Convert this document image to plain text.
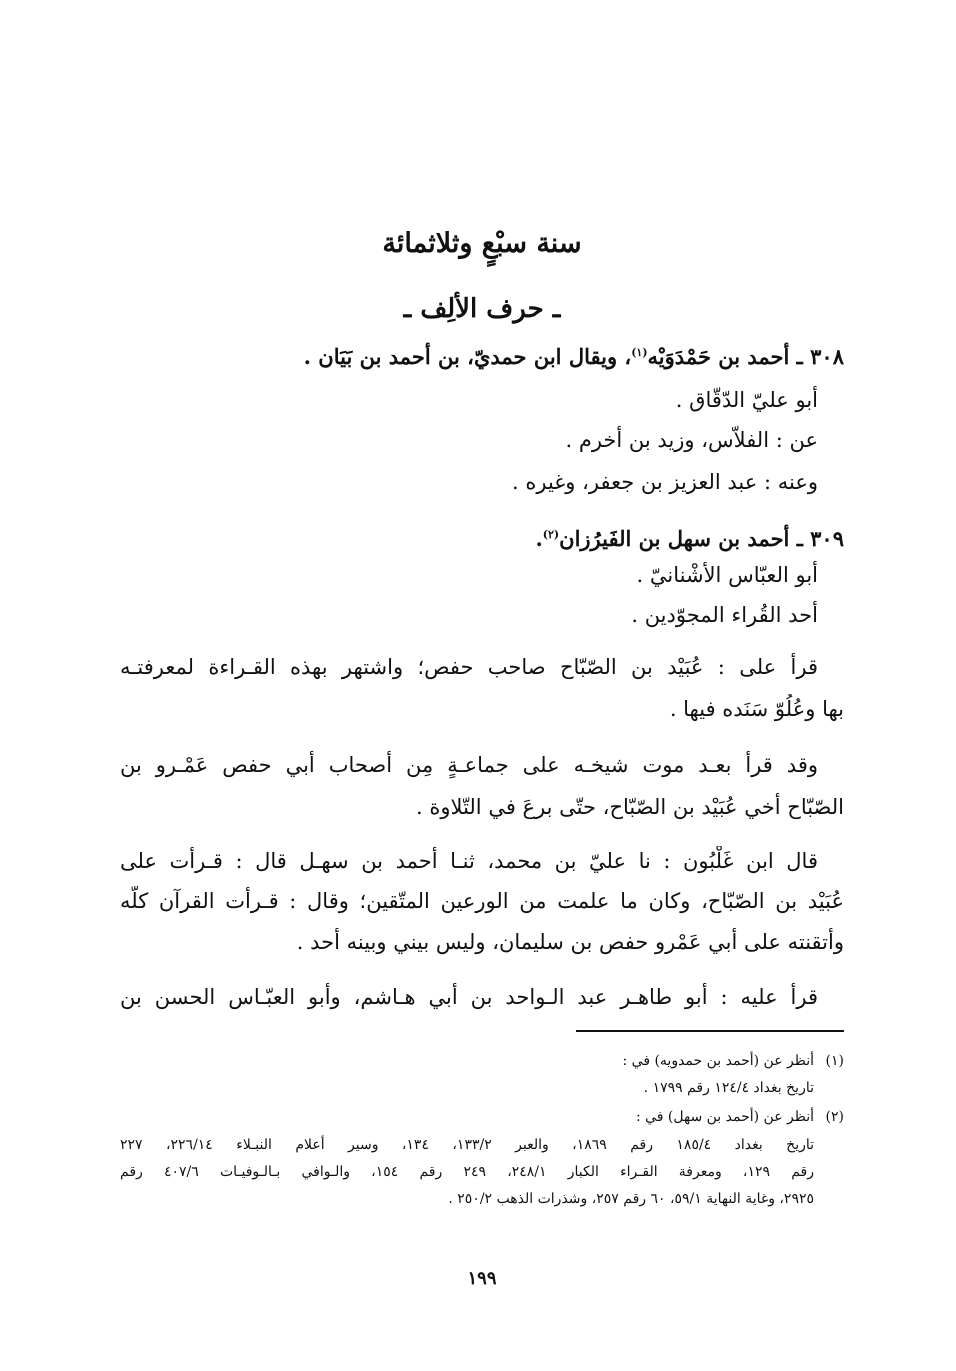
سنة سبْعٍ وثلاثمائة
ـ حرف الألِف ـ
٣٠٨ ـ أحمد بن حَمْدَوَيْه$^{(١)}$، ويقال ابن حمديّ، بن أحمد بن بَيَان .
أبو عليّ الدّقّاق .
عن : الفلاّس، وزيد بن أخرم .
وعنه : عبد العزيز بن جعفر، وغيره .
٣٠٩ ـ أحمد بن سهل بن الفَيرُزان$^{(٢)}$.
أبو العبّاس الأشْنانيّ .
أحد القُراء المجوّدين .
قرأ على : عُبَيْد بن الصّبّاح صاحب حفص؛ واشتهر بهذه القـراءة لمعرفتـه
بها وعُلُوّ سَنَده فيها .
وقد قرأ بعـد موت شيخـه على جماعـةٍ مِن أصحاب أبي حفص عَمْـرو بن
الصّبّاح أخي عُبَيْد بن الصّبّاح، حتّى برعَ في التّلاوة .
قال ابن غَلْبُون : نا عليّ بن محمد، ثنـا أحمد بن سهـل قال : قـرأت على
عُبَيْد بن الصّبّاح، وكان ما علمت من الورعين المتّقين؛ وقال : قـرأت القرآن كلّه
وأتقنته على أبي عَمْرو حفص بن سليمان، وليس بيني وبينه أحد .
قرأ عليه : أبو طاهـر عبد الـواحد بن أبي هـاشم، وأبو العبّـاس الحسن بن
(١)أنظر عن (أحمد بن حمدويه) في :
تاريخ بغداد ١٢٤/٤ رقم ١٧٩٩ .
(٢)أنظر عن (أحمد بن سهل) في :
تاريخ بغداد ١٨٥/٤ رقم ١٨٦٩، والعبر ١٣٣/٢، ١٣٤، وسير أعلام النبـلاء ٢٢٦/١٤، ٢٢٧
رقم ١٢٩، ومعرفة القـراء الكبار ٢٤٨/١، ٢٤٩ رقم ١٥٤، والـوافي بـالـوفيـات ٤٠٧/٦ رقم
٢٩٢٥، وغاية النهاية ٥٩/١، ٦٠ رقم ٢٥٧، وشذرات الذهب ٢٥٠/٢ .
١٩٩
